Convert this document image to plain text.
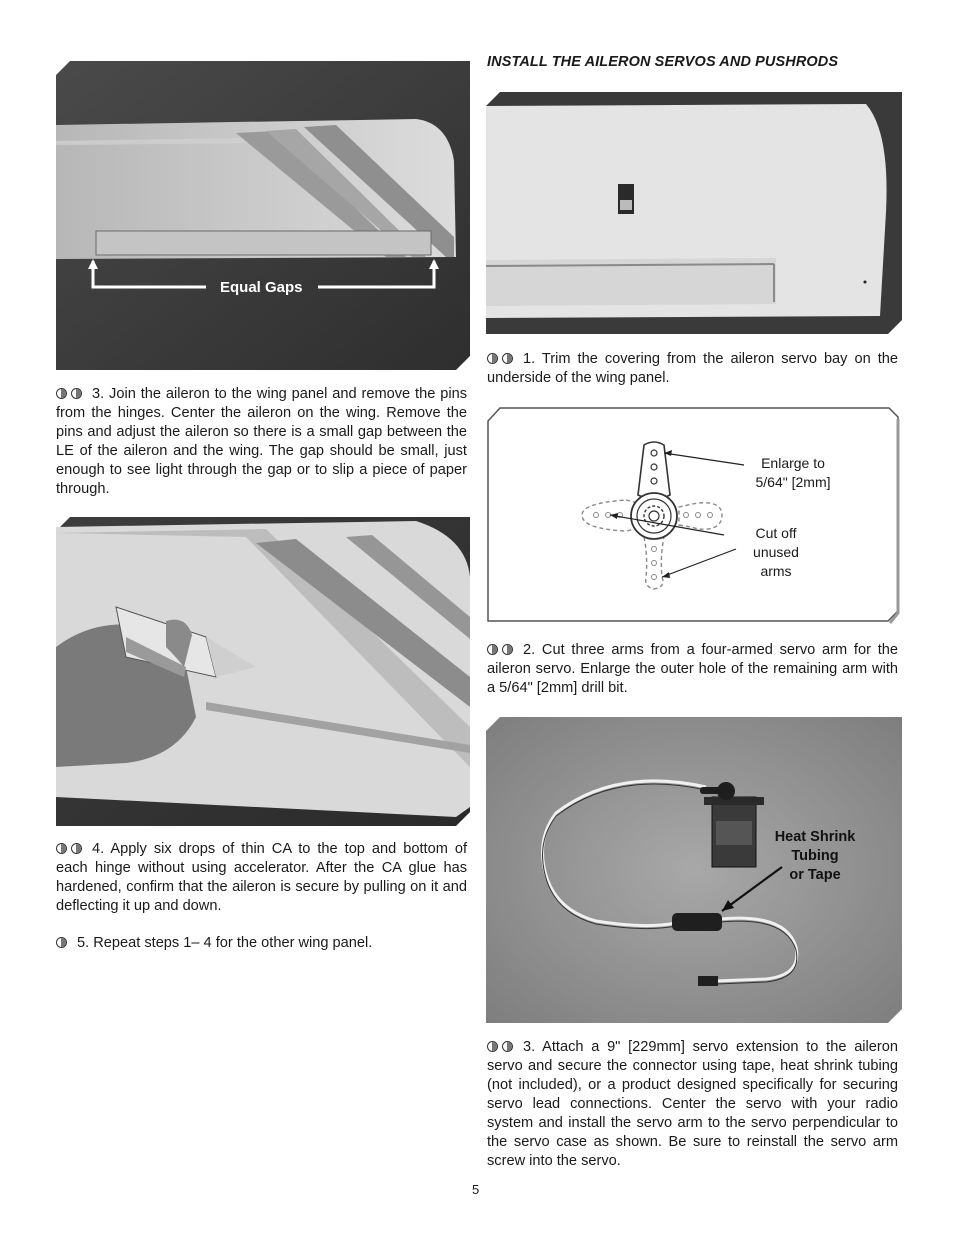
Equal Gaps

3. Join the aileron to the wing panel and remove the pins from the hinges. Center the aileron on the wing. Remove the pins and adjust the aileron so there is a small gap between the LE of the aileron and the wing. The gap should be small, just enough to see light through the gap or to slip a piece of paper through.

4. Apply six drops of thin CA to the top and bottom of each hinge without using accelerator. After the CA glue has hardened, confirm that the aileron is secure by pulling on it and deflecting it up and down.

5. Repeat steps 1– 4 for the other wing panel.

INSTALL THE AILERON SERVOS AND PUSHRODS

1. Trim the covering from the aileron servo bay on the underside of the wing panel.

Enlarge to
5/64" [2mm]
Cut off
unused
arms

2. Cut three arms from a four-armed servo arm for the aileron servo. Enlarge the outer hole of the remaining arm with a 5/64" [2mm] drill bit.

Heat Shrink
Tubing
or Tape

3. Attach a 9" [229mm] servo extension to the aileron servo and secure the connector using tape, heat shrink tubing (not included), or a product designed specifically for securing servo lead connections. Center the servo with your radio system and install the servo arm to the servo perpendicular to the servo case as shown. Be sure to reinstall the servo arm screw into the servo.

5
